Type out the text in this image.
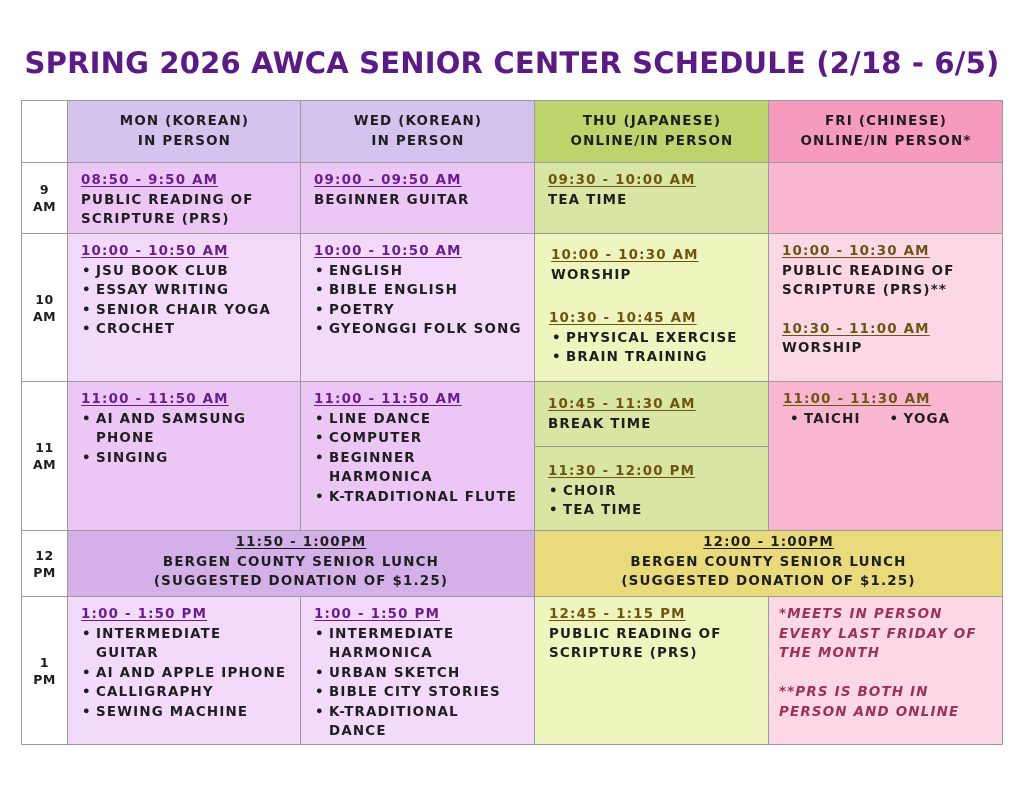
SPRING 2026 AWCA SENIOR CENTER SCHEDULE (2/18 - 6/5)
MON (KOREAN)
IN PERSON
WED (KOREAN)
IN PERSON
THU (JAPANESE)
ONLINE/IN PERSON
FRI (CHINESE)
ONLINE/IN PERSON*
9
AM
10
AM
11
AM
12
PM
1
PM
08:50 - 9:50 AM
PUBLIC READING OF
SCRIPTURE (PRS)
09:00 - 09:50 AM
BEGINNER GUITAR
09:30 - 10:00 AM
TEA TIME
10:00 - 10:50 AM
• JSU BOOK CLUB
• ESSAY WRITING
• SENIOR CHAIR YOGA
• CROCHET
10:00 - 10:50 AM
• ENGLISH
• BIBLE ENGLISH
• POETRY
• GYEONGGI FOLK SONG
10:00 - 10:30 AM
WORSHIP
10:30 - 10:45 AM
• PHYSICAL EXERCISE
• BRAIN TRAINING
10:00 - 10:30 AM
PUBLIC READING OF
SCRIPTURE (PRS)**
10:30 - 11:00 AM
WORSHIP
11:00 - 11:50 AM
• AI AND SAMSUNG
PHONE
• SINGING
11:00 - 11:50 AM
• LINE DANCE
• COMPUTER
• BEGINNER HARMONICA
• K-TRADITIONAL FLUTE
10:45 - 11:30 AM
BREAK TIME
11:30 - 12:00 PM
• CHOIR • TEA TIME
11:00 - 11:30 AM
• TAICHI •	YOGA
11:50 - 1:00PM
BERGEN COUNTY SENIOR LUNCH
(SUGGESTED DONATION OF $1.25)
12:00 - 1:00PM
BERGEN COUNTY SENIOR LUNCH
(SUGGESTED DONATION OF $1.25)
1:00 - 1:50 PM
• INTERMEDIATE GUITAR
• AI AND APPLE IPHONE
• CALLIGRAPHY
• SEWING MACHINE
1:00 - 1:50 PM
• INTERMEDIATE
HARMONICA
• URBAN SKETCH
• BIBLE CITY STORIES
• K-TRADITIONAL DANCE
12:45 - 1:15 PM
PUBLIC READING OF
SCRIPTURE (PRS)
*MEETS IN PERSON
EVERY LAST FRIDAY OF
THE MONTH
**PRS IS BOTH IN
PERSON AND ONLINE
